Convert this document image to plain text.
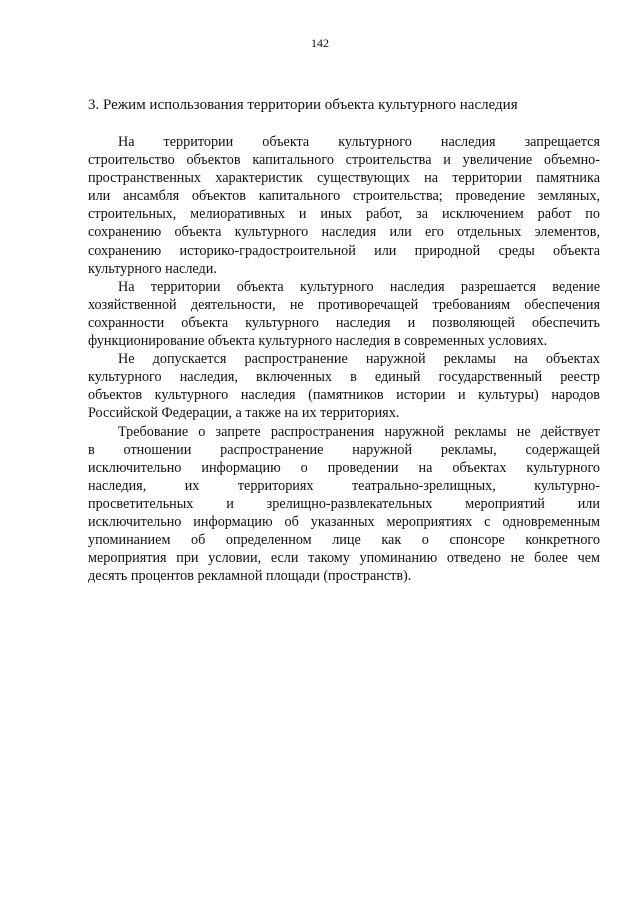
142
3. Режим использования территории объекта культурного наследия
На территории объекта культурного наследия запрещается
строительство объектов капитального строительства и увеличение объемно-
пространственных характеристик существующих на территории памятника
или ансамбля объектов капитального строительства; проведение земляных,
строительных, мелиоративных и иных работ, за исключением работ по
сохранению объекта культурного наследия или его отдельных элементов,
сохранению историко-градостроительной или природной среды объекта
культурного наследи.
На территории объекта культурного наследия разрешается ведение
хозяйственной деятельности, не противоречащей требованиям обеспечения
сохранности объекта культурного наследия и позволяющей обеспечить
функционирование объекта культурного наследия в современных условиях.
Не допускается распространение наружной рекламы на объектах
культурного наследия, включенных в единый государственный реестр
объектов культурного наследия (памятников истории и культуры) народов
Российской Федерации, а также на их территориях.
Требование о запрете распространения наружной рекламы не действует
в отношении распространение наружной рекламы, содержащей
исключительно информацию о проведении на объектах культурного
наследия, их территориях театрально-зрелищных, культурно-
просветительных и зрелищно-развлекательных мероприятий или
исключительно информацию об указанных мероприятиях с одновременным
упоминанием об определенном лице как о спонсоре конкретного
мероприятия при условии, если такому упоминанию отведено не более чем
десять процентов рекламной площади (пространств).
